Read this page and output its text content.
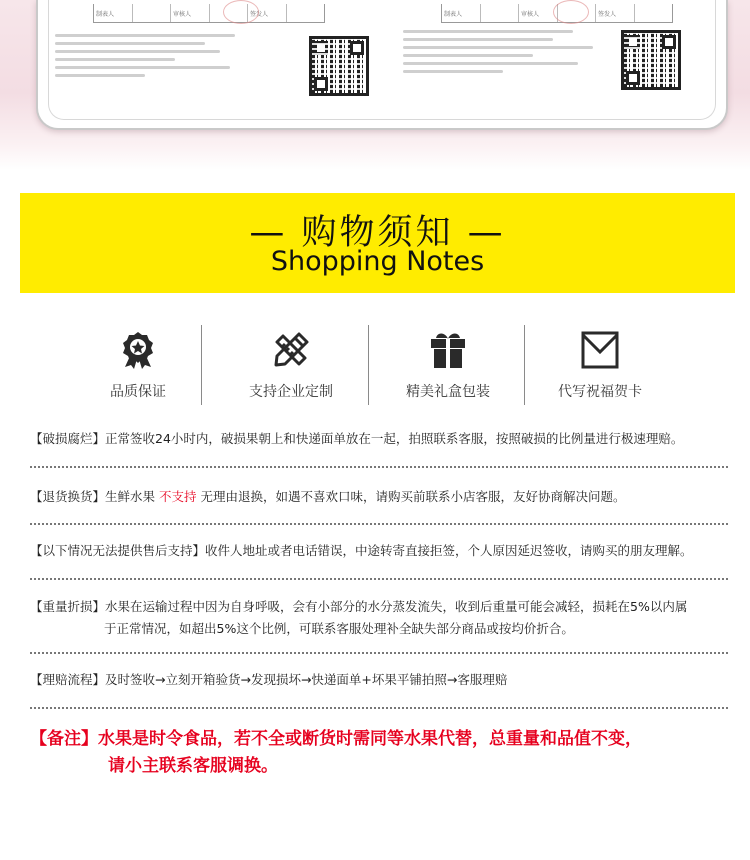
制表人	审核人	签发人	制表人	审核人	签发人
— 购物须知 —
Shopping Notes
品质保证	支持企业定制	精美礼盒包装	代写祝福贺卡
【破损腐烂】正常签收24小时内，破损果朝上和快递面单放在一起，拍照联系客服，按照破损的比例量进行极速理赔。
【退货换货】生鲜水果 不支持 无理由退换，如遇不喜欢口味，请购买前联系小店客服，友好协商解决问题。
【以下情况无法提供售后支持】收件人地址或者电话错误，中途转寄直接拒签，个人原因延迟签收，请购买的朋友理解。
【重量折损】水果在运输过程中因为自身呼吸，会有小部分的水分蒸发流失，收到后重量可能会减轻，损耗在5%以内属
于正常情况，如超出5%这个比例，可联系客服处理补全缺失部分商品或按均价折合。
【理赔流程】及时签收→立刻开箱验货→发现损坏→快递面单+坏果平铺拍照→客服理赔
【备注】水果是时令食品，若不全或断货时需同等水果代替，总重量和品值不变，
请小主联系客服调换。
